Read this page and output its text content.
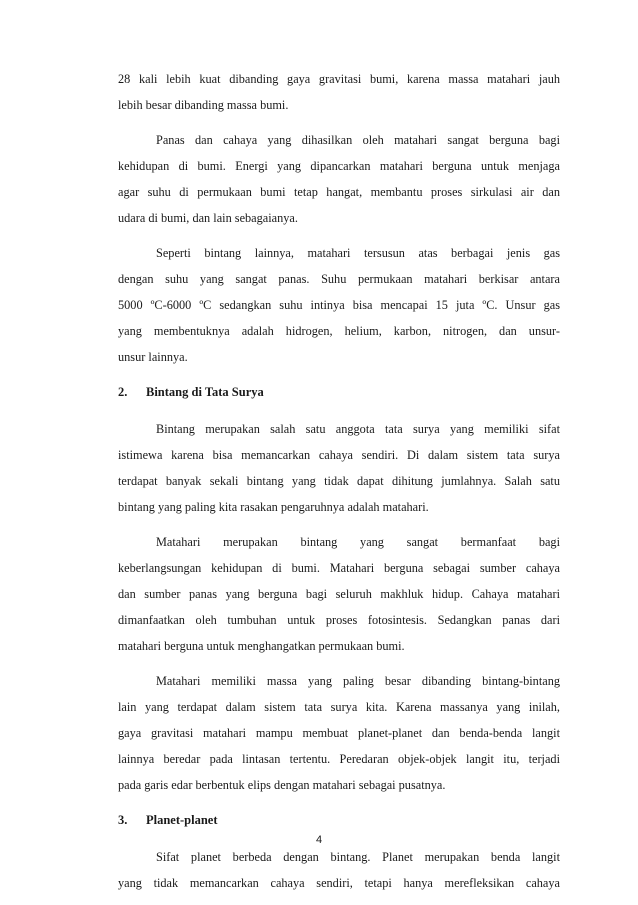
28 kali lebih kuat dibanding gaya gravitasi bumi, karena massa matahari jauh
lebih besar dibanding massa bumi.
Panas dan cahaya yang dihasilkan oleh matahari sangat berguna bagi
kehidupan di bumi. Energi yang dipancarkan matahari berguna untuk menjaga
agar suhu di permukaan bumi tetap hangat, membantu proses sirkulasi air dan
udara di bumi, dan lain sebagaianya.
Seperti bintang lainnya, matahari tersusun atas berbagai jenis gas
dengan suhu yang sangat panas. Suhu permukaan matahari berkisar antara
5000 ºC-6000 ºC sedangkan suhu intinya bisa mencapai 15 juta ºC. Unsur gas
yang membentuknya adalah hidrogen, helium, karbon, nitrogen, dan unsur-
unsur lainnya.
2. Bintang di Tata Surya
Bintang merupakan salah satu anggota tata surya yang memiliki sifat
istimewa karena bisa memancarkan cahaya sendiri. Di dalam sistem tata surya
terdapat banyak sekali bintang yang tidak dapat dihitung jumlahnya. Salah satu
bintang yang paling kita rasakan pengaruhnya adalah matahari.
Matahari merupakan bintang yang sangat bermanfaat bagi
keberlangsungan kehidupan di bumi. Matahari berguna sebagai sumber cahaya
dan sumber panas yang berguna bagi seluruh makhluk hidup. Cahaya matahari
dimanfaatkan oleh tumbuhan untuk proses fotosintesis. Sedangkan panas dari
matahari berguna untuk menghangatkan permukaan bumi.
Matahari memiliki massa yang paling besar dibanding bintang-bintang
lain yang terdapat dalam sistem tata surya kita. Karena massanya yang inilah,
gaya gravitasi matahari mampu membuat planet-planet dan benda-benda langit
lainnya beredar pada lintasan tertentu. Peredaran objek-objek langit itu, terjadi
pada garis edar berbentuk elips dengan matahari sebagai pusatnya.
3. Planet-planet
Sifat planet berbeda dengan bintang. Planet merupakan benda langit
yang tidak memancarkan cahaya sendiri, tetapi hanya merefleksikan cahaya
4
